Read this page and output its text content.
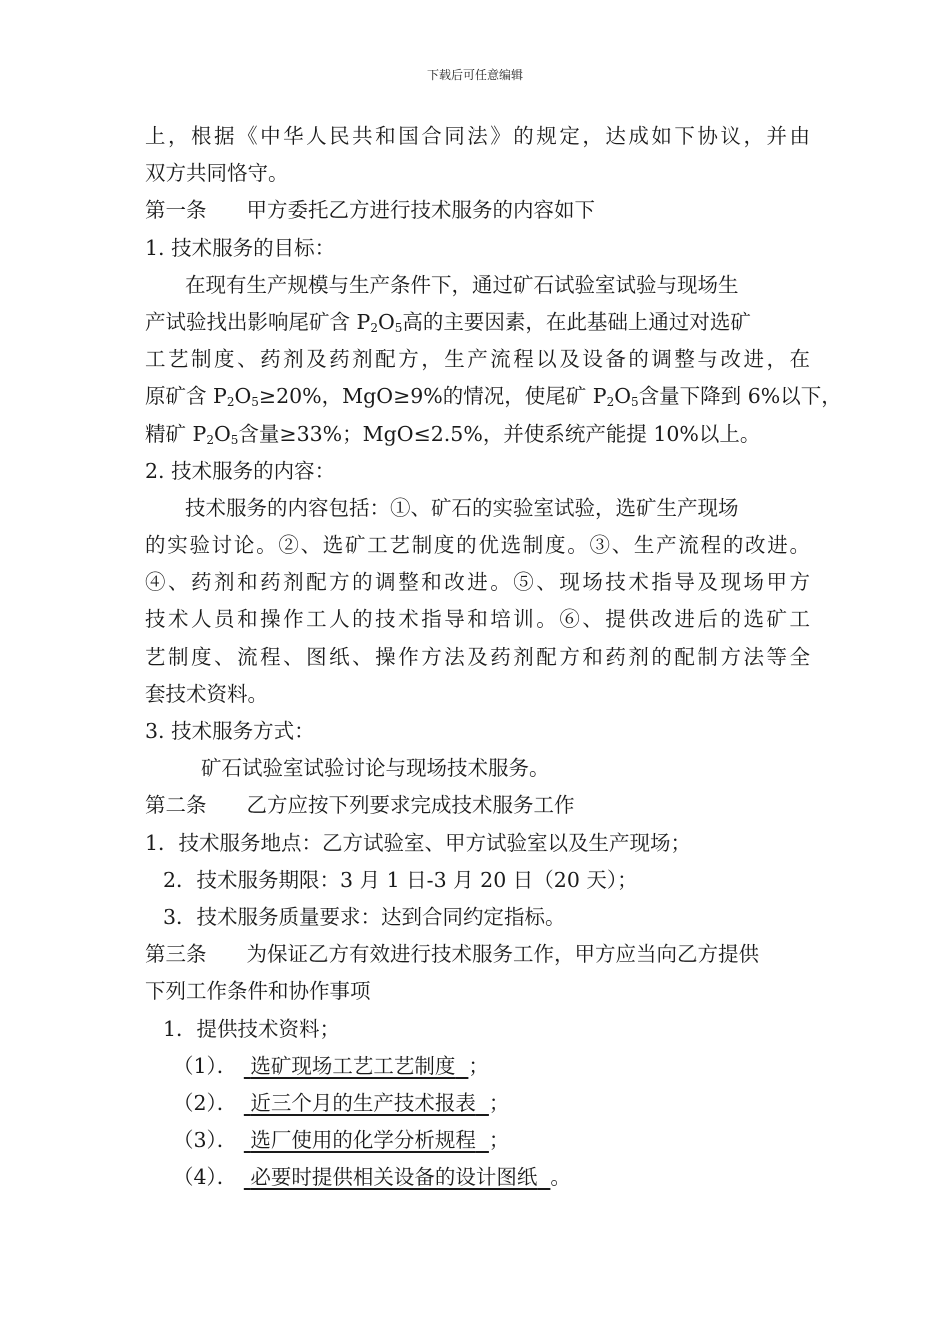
下载后可任意编辑
上，根据《中华人民共和国合同法》的规定，达成如下协议，并由
双方共同恪守。
第一条 甲方委托乙方进行技术服务的内容如下
1. 技术服务的目标：
在现有生产规模与生产条件下，通过矿石试验室试验与现场生
产试验找出影响尾矿含 $P_2O_5$高的主要因素，在此基础上通过对选矿
工艺制度、药剂及药剂配方，生产流程以及设备的调整与改进，在
原矿含 $P_2O_5\ge 20\%$，MgO≥9%的情况，使尾矿 $P_2O_5$含量下降到 6%以下，
精矿 $P_2O_5$含量≥33%；MgO≤2.5%，并使系统产能提 10%以上。
2. 技术服务的内容：
技术服务的内容包括：①、矿石的实验室试验，选矿生产现场
的实验讨论。②、选矿工艺制度的优选制度。③、生产流程的改进。
④、药剂和药剂配方的调整和改进。⑤、现场技术指导及现场甲方
技术人员和操作工人的技术指导和培训。⑥、提供改进后的选矿工
艺制度、流程、图纸、操作方法及药剂配方和药剂的配制方法等全
套技术资料。
3. 技术服务方式：
矿石试验室试验讨论与现场技术服务。
第二条 乙方应按下列要求完成技术服务工作
1．技术服务地点：乙方试验室、甲方试验室以及生产现场；
2．技术服务期限：3 月 1 日-3 月 20 日（20 天）；
3．技术服务质量要求：达到合同约定指标。
第三条 为保证乙方有效进行技术服务工作，甲方应当向乙方提供
下列工作条件和协作事项
1．提供技术资料；
（1）． 选矿现场工艺工艺制度 ；
（2）． 近三个月的生产技术报表 ；
（3）． 选厂使用的化学分析规程 ；
（4）． 必要时提供相关设备的设计图纸 。
